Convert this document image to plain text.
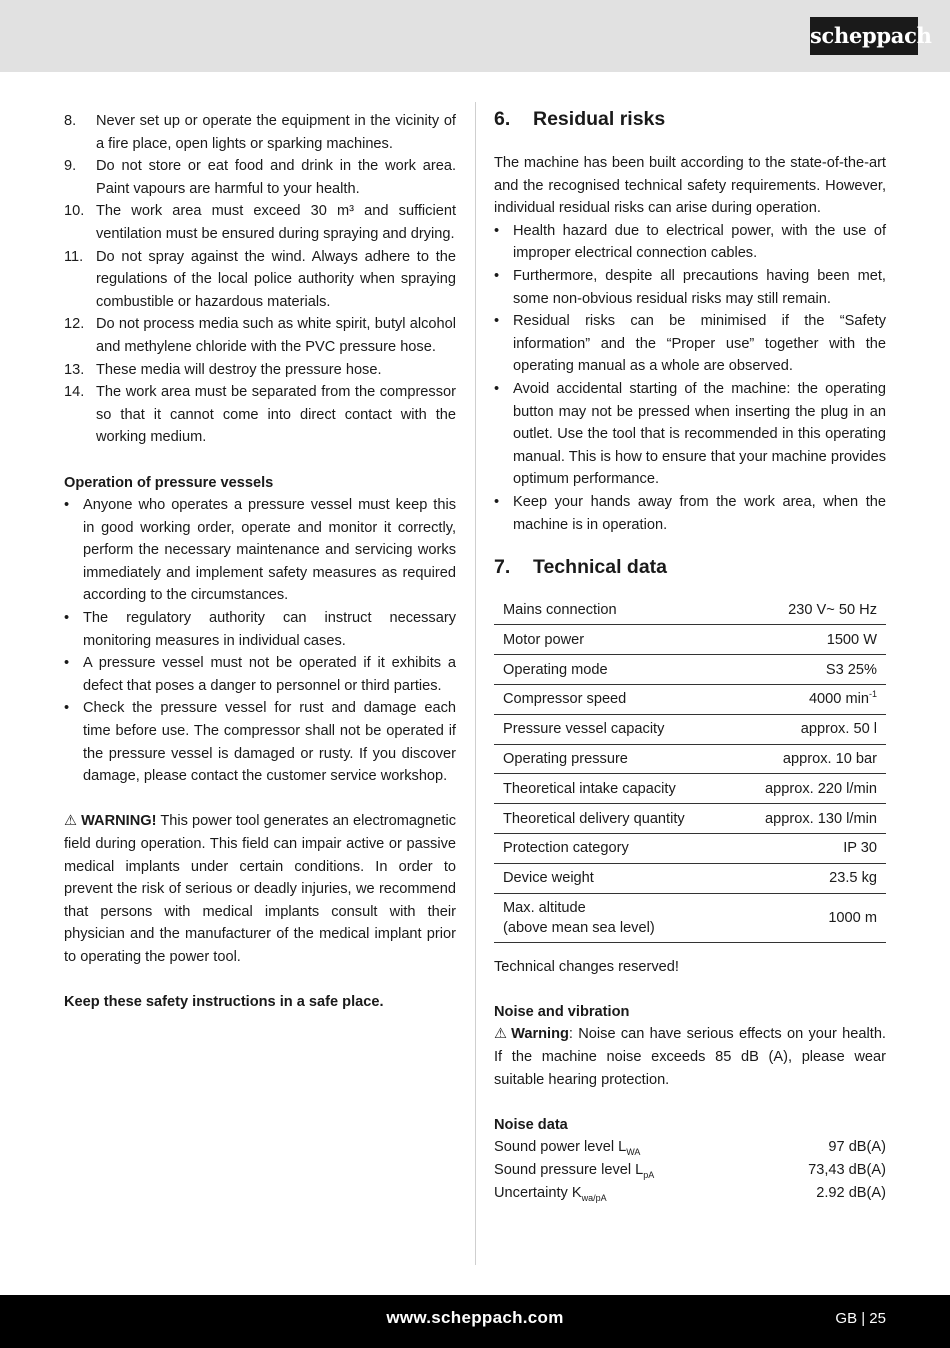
scheppach
8.	Never set up or operate the equipment in the vicinity of a fire place, open lights or sparking machines.
9.	Do not store or eat food and drink in the work area. Paint vapours are harmful to your health.
10. The work area must exceed 30 m³ and sufficient ventilation must be ensured during spraying and drying.
11. Do not spray against the wind. Always adhere to the regulations of the local police authority when spraying combustible or hazardous materials.
12. Do not process media such as white spirit, butyl alcohol and methylene chloride with the PVC pressure hose.
13. These media will destroy the pressure hose.
14. The work area must be separated from the compressor so that it cannot come into direct contact with the working medium.
Operation of pressure vessels
• Anyone who operates a pressure vessel must keep this in good working order, operate and monitor it correctly, perform the necessary maintenance and servicing works immediately and implement safety measures as required according to the circumstances.
• The regulatory authority can instruct necessary monitoring measures in individual cases.
• A pressure vessel must not be operated if it exhibits a defect that poses a danger to personnel or third parties.
• Check the pressure vessel for rust and damage each time before use. The compressor shall not be operated if the pressure vessel is damaged or rusty. If you discover damage, please contact the customer service workshop.

⚠ WARNING! This power tool generates an electromagnetic field during operation. This field can impair active or passive medical implants under certain conditions. In order to prevent the risk of serious or deadly injuries, we recommend that persons with medical implants consult with their physician and the manufacturer of the medical implant prior to operating the power tool.

Keep these safety instructions in a safe place.

6.	Residual risks

The machine has been built according to the state-of-the-art and the recognised technical safety requirements. However, individual residual risks can arise during operation.

• Health hazard due to electrical power, with the use of improper electrical connection cables.
• Furthermore, despite all precautions having been met, some non-obvious residual risks may still remain.
• Residual risks can be minimised if the “Safety information” and the “Proper use” together with the operating manual as a whole are observed.
• Avoid accidental starting of the machine: the operating button may not be pressed when inserting the plug in an outlet. Use the tool that is recommended in this operating manual. This is how to ensure that your machine provides optimum performance.
• Keep your hands away from the work area, when the machine is in operation.
7.	Technical data
Mains connection	230 V~ 50 Hz
Motor power	1500 W
Operating mode	S3 25%
Compressor speed	4000 $\min^{-1}$
Pressure vessel capacity	approx. 50 l
Operating pressure	approx. 10 bar
Theoretical intake capacity	approx. 220 l/min
Theoretical delivery quantity	approx. 130 l/min
Protection category	IP 30
Device weight	23.5 kg

Max. altitude
(above mean sea level)	1000 m

Technical changes reserved!

Noise and vibration

⚠ Warning: Noise can have serious effects on your health. If the machine noise exceeds 85 dB (A), please wear suitable hearing protection.

Noise data
Sound power level $L_{WA}$	97 dB(A)
Sound pressure level $L_{pA}$	73,43 dB(A)
Uncertainty $K_{wa/pA}$	2.92 dB(A)
www.scheppach.com	GB | 25
